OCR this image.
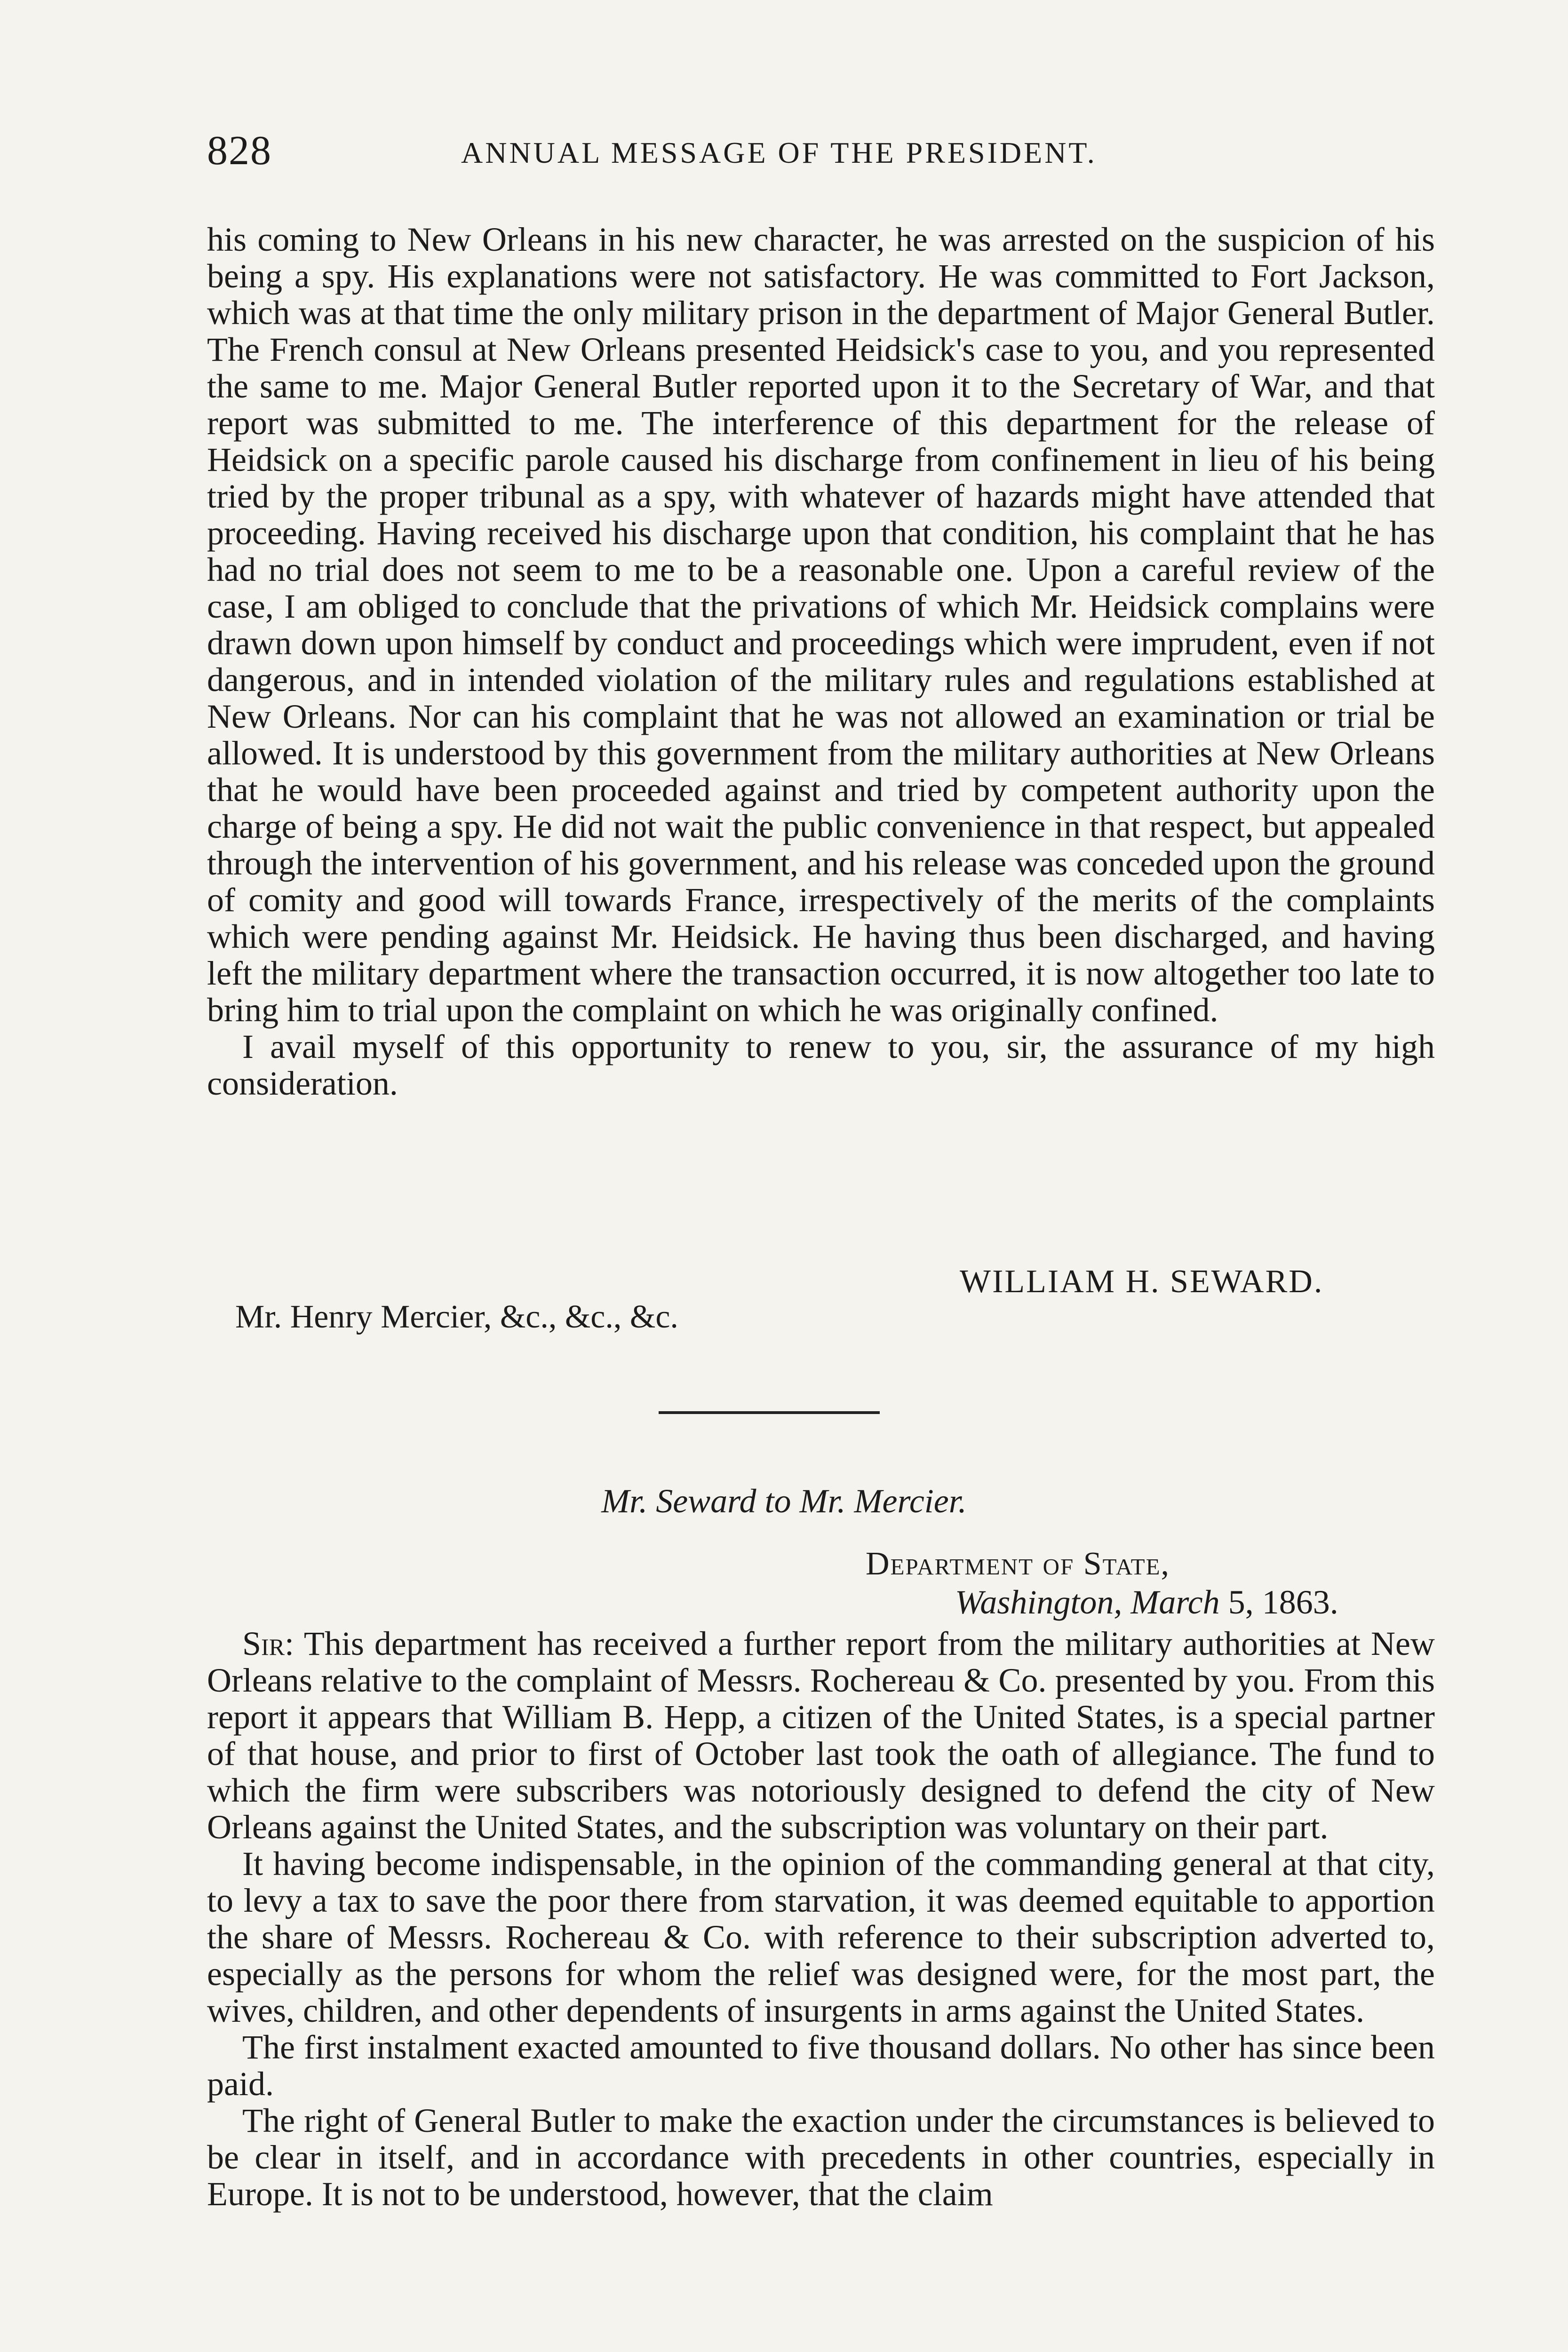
828	ANNUAL MESSAGE OF THE PRESIDENT.

his coming to New Orleans in his new character, he was arrested on the suspicion of his being a spy. His explanations were not satisfactory. He was committed to Fort Jackson, which was at that time the only military prison in the department of Major General Butler. The French consul at New Orleans presented Heidsick's case to you, and you represented the same to me. Major General Butler reported upon it to the Secretary of War, and that report was submitted to me. The interference of this department for the release of Heidsick on a specific parole caused his discharge from confinement in lieu of his being tried by the proper tribunal as a spy, with whatever of hazards might have attended that proceeding. Having received his discharge upon that condition, his complaint that he has had no trial does not seem to me to be a reasonable one. Upon a careful review of the case, I am obliged to conclude that the privations of which Mr. Heidsick complains were drawn down upon himself by conduct and proceedings which were imprudent, even if not dangerous, and in intended violation of the military rules and regulations established at New Orleans. Nor can his complaint that he was not allowed an examination or trial be allowed. It is understood by this government from the military authorities at New Orleans that he would have been proceeded against and tried by competent authority upon the charge of being a spy. He did not wait the public convenience in that respect, but appealed through the intervention of his government, and his release was conceded upon the ground of comity and good will towards France, irrespectively of the merits of the complaints which were pending against Mr. Heidsick. He having thus been discharged, and having left the military department where the transaction occurred, it is now altogether too late to bring him to trial upon the complaint on which he was originally confined.

I avail myself of this opportunity to renew to you, sir, the assurance of my high consideration.

WILLIAM H. SEWARD.
Mr. Henry Mercier, &c., &c., &c.
Mr. Seward to Mr. Mercier.
Department of State,
Washington, March 5, 1863.

Sir: This department has received a further report from the military authorities at New Orleans relative to the complaint of Messrs. Rochereau & Co. presented by you. From this report it appears that William B. Hepp, a citizen of the United States, is a special partner of that house, and prior to first of October last took the oath of allegiance. The fund to which the firm were subscribers was notoriously designed to defend the city of New Orleans against the United States, and the subscription was voluntary on their part.

It having become indispensable, in the opinion of the commanding general at that city, to levy a tax to save the poor there from starvation, it was deemed equitable to apportion the share of Messrs. Rochereau & Co. with reference to their subscription adverted to, especially as the persons for whom the relief was designed were, for the most part, the wives, children, and other dependents of insurgents in arms against the United States.

The first instalment exacted amounted to five thousand dollars. No other has since been paid.

The right of General Butler to make the exaction under the circumstances is believed to be clear in itself, and in accordance with precedents in other countries, especially in Europe. It is not to be understood, however, that the claim
